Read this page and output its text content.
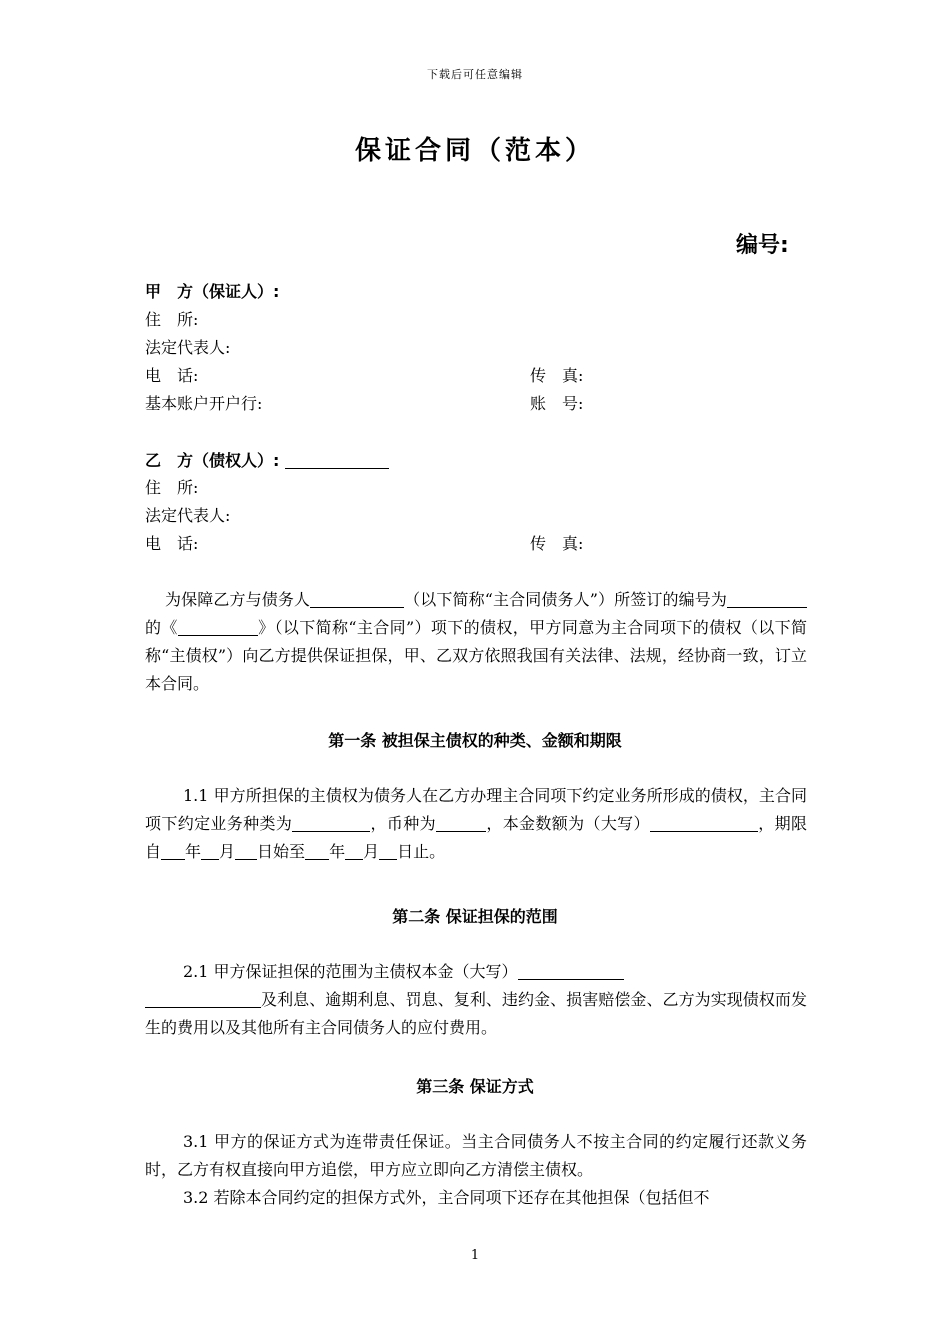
下载后可任意编辑
保证合同（范本）
编号:
甲　方（保证人）:
住　所:
法定代表人:
电　话:	传　真:
基本账户开户行:	账　号:
乙　方（债权人）:
住　所:
法定代表人:
电　话:	传　真:
为保障乙方与债务人	（以下简称“主合同债务人”）所签订的编号为的《	》（以下简称“主合同”）项下的债权，甲方同意为主合同项下的债权（以下简称“主债权”）向乙方提供保证担保，甲、乙双方依照我国有关法律、法规，经协商一致，订立本合同。
第一条 被担保主债权的种类、金额和期限
1.1 甲方所担保的主债权为债务人在乙方办理主合同项下约定业务所形成的债权，主合同项下约定业务种类为	，币种为	，本金数额为（大写）	，期限自 年 月 日始至 年 月 日止。
第二条 保证担保的范围
2.1 甲方保证担保的范围为主债权本金（大写）
及利息、逾期利息、罚息、复利、违约金、损害赔偿金、乙方为实现债权而发生的费用以及其他所有主合同债务人的应付费用。
第三条 保证方式
3.1 甲方的保证方式为连带责任保证。当主合同债务人不按主合同的约定履行还款义务时，乙方有权直接向甲方追偿，甲方应立即向乙方清偿主债权。
3.2 若除本合同约定的担保方式外，主合同项下还存在其他担保（包括但不
1
